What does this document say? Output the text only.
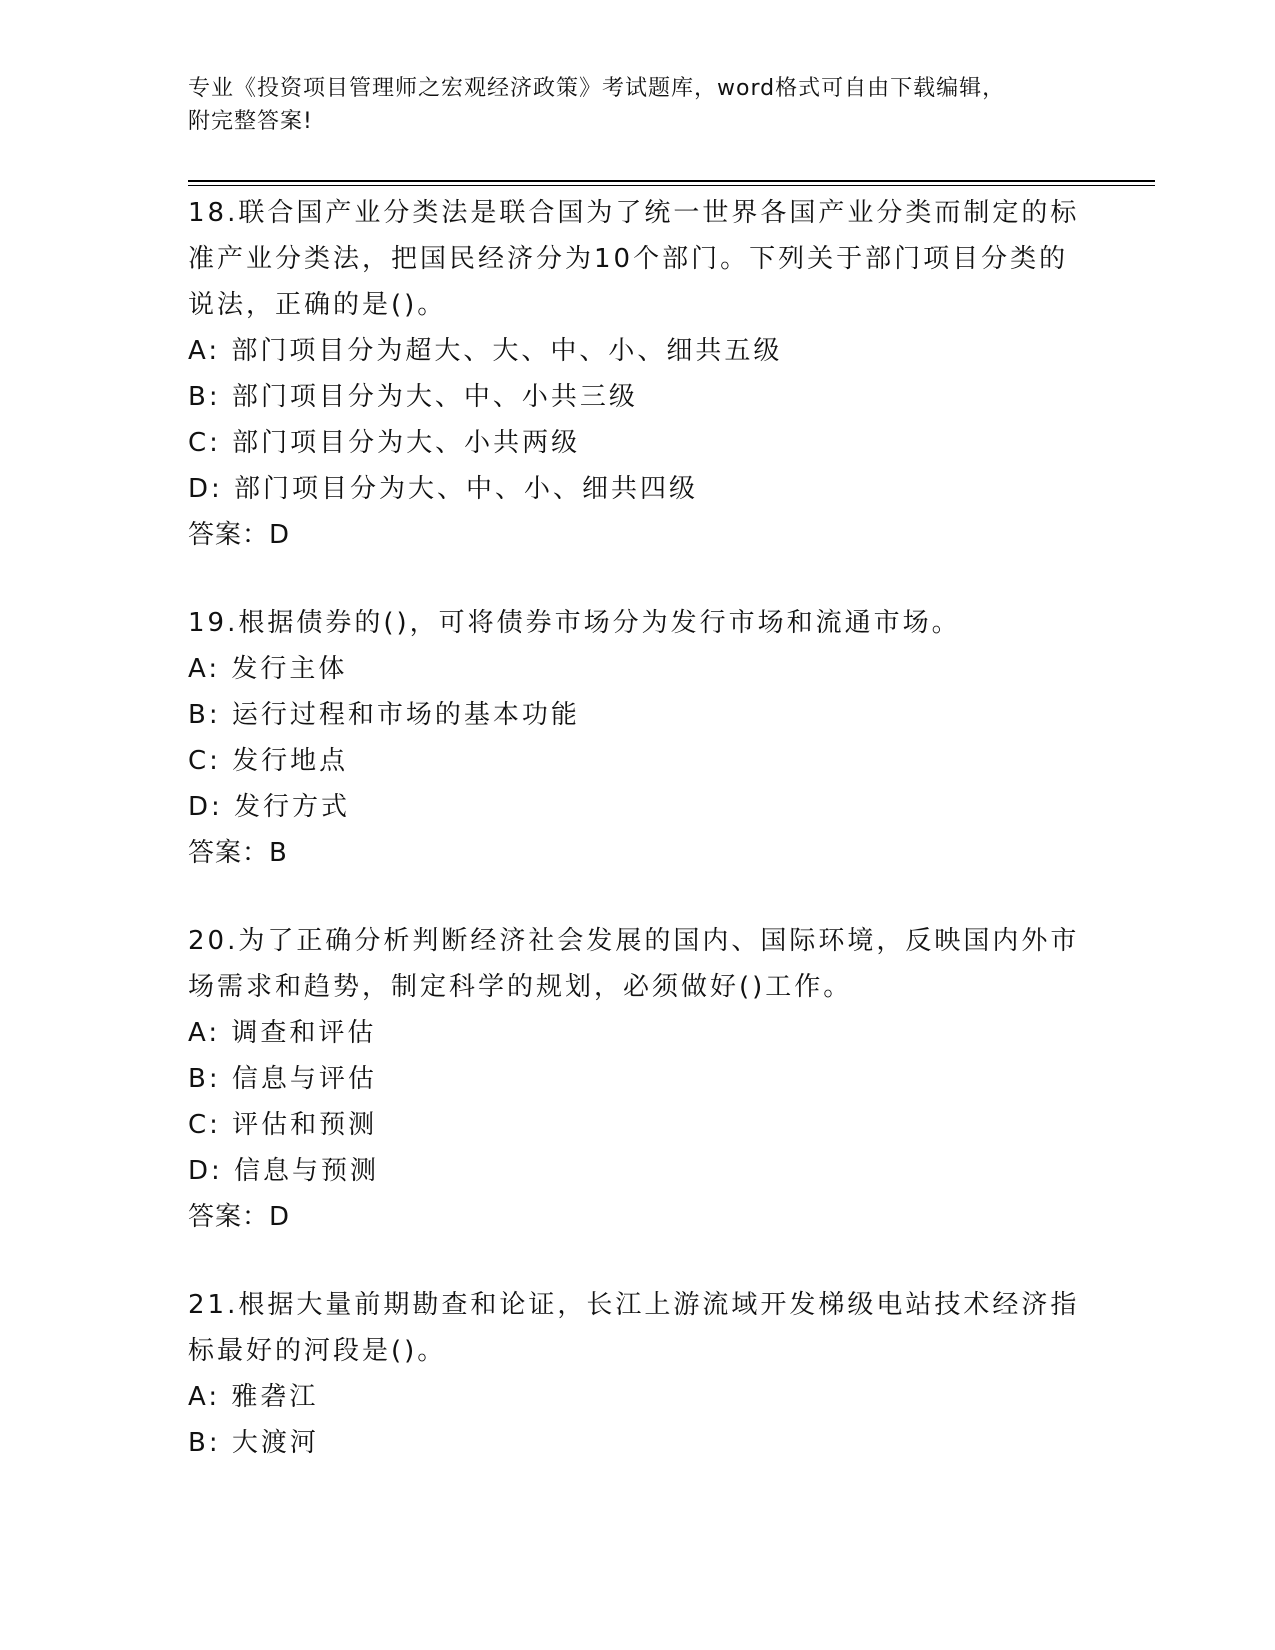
专业《投资项目管理师之宏观经济政策》考试题库，word格式可自由下载编辑，
附完整答案!
18.联合国产业分类法是联合国为了统一世界各国产业分类而制定的标准产业分类法，把国民经济分为10个部门。下列关于部门项目分类的说法，正确的是()。
A: 部门项目分为超大、大、中、小、细共五级
B: 部门项目分为大、中、小共三级
C: 部门项目分为大、小共两级
D: 部门项目分为大、中、小、细共四级
答案：D
19.根据债券的()，可将债券市场分为发行市场和流通市场。
A: 发行主体
B: 运行过程和市场的基本功能
C: 发行地点
D: 发行方式
答案：B
20.为了正确分析判断经济社会发展的国内、国际环境，反映国内外市场需求和趋势，制定科学的规划，必须做好()工作。
A: 调查和评估
B: 信息与评估
C: 评估和预测
D: 信息与预测
答案：D
21.根据大量前期勘查和论证，长江上游流域开发梯级电站技术经济指标最好的河段是()。
A: 雅砻江
B: 大渡河
